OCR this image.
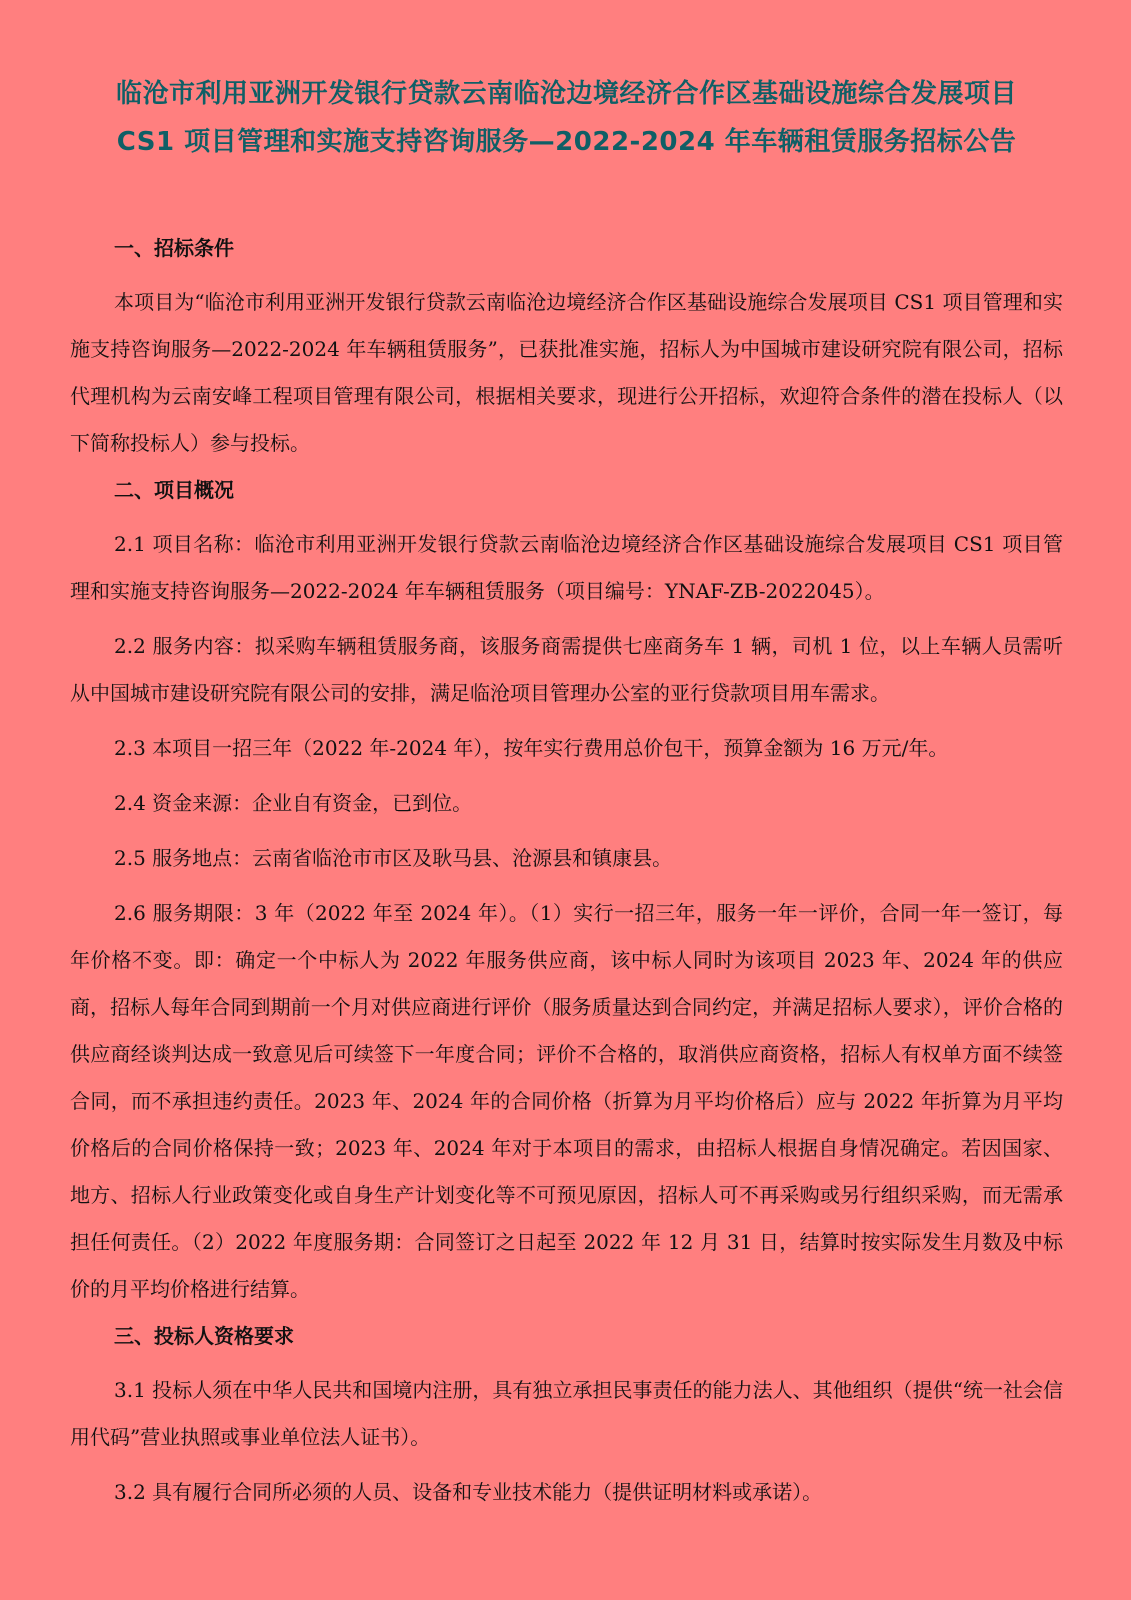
临沧市利用亚洲开发银行贷款云南临沧边境经济合作区基础设施综合发展项目
CS1 项目管理和实施支持咨询服务—2022-2024 年车辆租赁服务招标公告
一、招标条件

本项目为“临沧市利用亚洲开发银行贷款云南临沧边境经济合作区基础设施综合发展项目 CS1 项目管理和实施支持咨询服务—2022-2024 年车辆租赁服务”，已获批准实施，招标人为中国城市建设研究院有限公司，招标代理机构为云南安峰工程项目管理有限公司，根据相关要求，现进行公开招标，欢迎符合条件的潜在投标人（以下简称投标人）参与投标。

二、项目概况

2.1 项目名称：临沧市利用亚洲开发银行贷款云南临沧边境经济合作区基础设施综合发展项目 CS1 项目管理和实施支持咨询服务—2022-2024 年车辆租赁服务（项目编号：YNAF-ZB-2022045）。

2.2 服务内容：拟采购车辆租赁服务商，该服务商需提供七座商务车 1 辆，司机 1 位，以上车辆人员需听从中国城市建设研究院有限公司的安排，满足临沧项目管理办公室的亚行贷款项目用车需求。

2.3 本项目一招三年（2022 年-2024 年），按年实行费用总价包干，预算金额为 16 万元/年。

2.4 资金来源：企业自有资金，已到位。

2.5 服务地点：云南省临沧市市区及耿马县、沧源县和镇康县。

2.6 服务期限：3 年（2022 年至 2024 年）。（1）实行一招三年，服务一年一评价，合同一年一签订，每年价格不变。即：确定一个中标人为 2022 年服务供应商，该中标人同时为该项目 2023 年、2024 年的供应商，招标人每年合同到期前一个月对供应商进行评价（服务质量达到合同约定，并满足招标人要求），评价合格的供应商经谈判达成一致意见后可续签下一年度合同；评价不合格的，取消供应商资格，招标人有权单方面不续签合同，而不承担违约责任。2023 年、2024 年的合同价格（折算为月平均价格后）应与 2022 年折算为月平均价格后的合同价格保持一致；2023 年、2024 年对于本项目的需求，由招标人根据自身情况确定。若因国家、地方、招标人行业政策变化或自身生产计划变化等不可预见原因，招标人可不再采购或另行组织采购，而无需承担任何责任。（2）2022 年度服务期：合同签订之日起至 2022 年 12 月 31 日，结算时按实际发生月数及中标价的月平均价格进行结算。

三、投标人资格要求

3.1 投标人须在中华人民共和国境内注册，具有独立承担民事责任的能力法人、其他组织（提供“统一社会信用代码”营业执照或事业单位法人证书）。

3.2 具有履行合同所必须的人员、设备和专业技术能力（提供证明材料或承诺）。
